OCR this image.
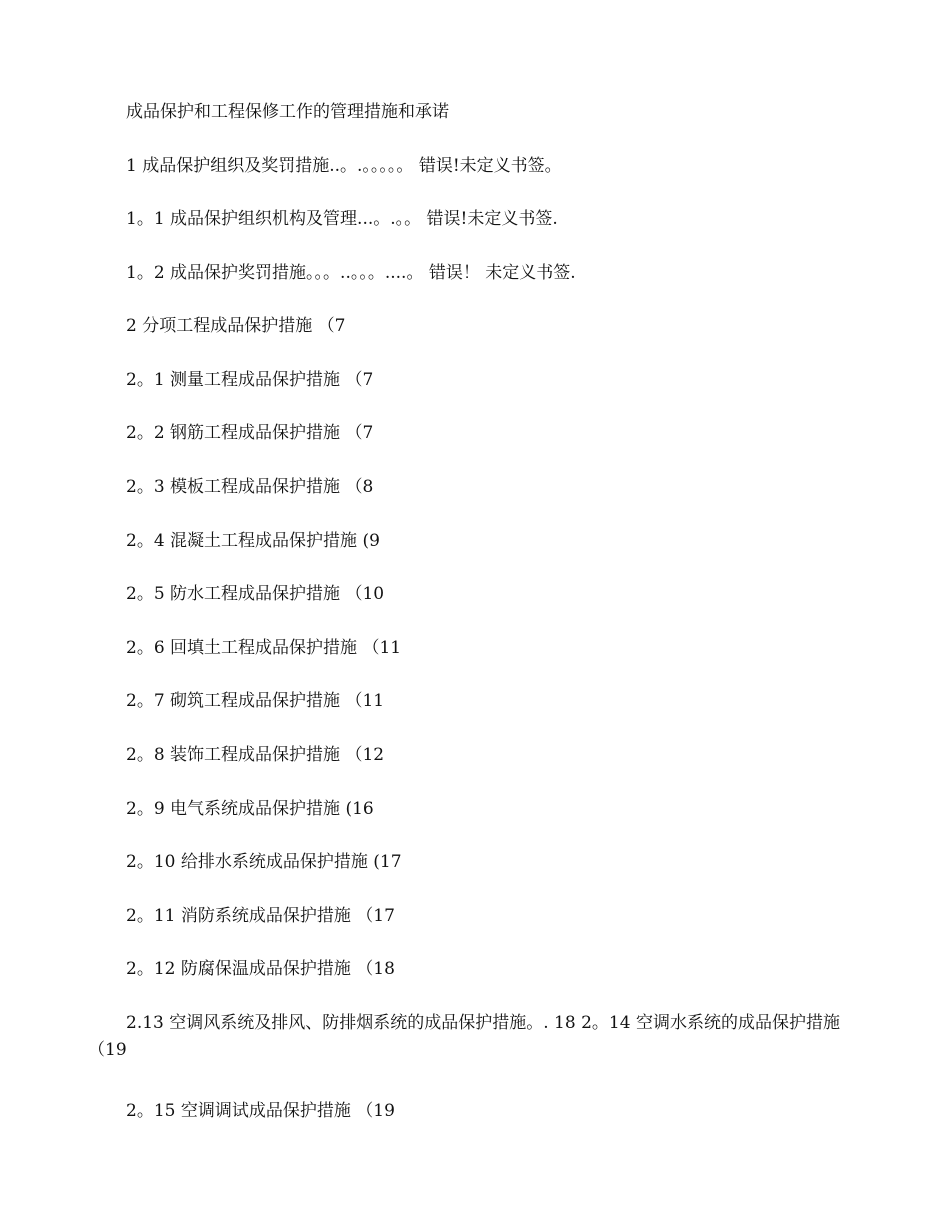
成品保护和工程保修工作的管理措施和承诺
1 成品保护组织及奖罚措施..。.。。。。。 错误!未定义书签。
1。1 成品保护组织机构及管理...。.。。 错误!未定义书签.
1。2 成品保护奖罚措施。。。..。。。....。 错误！ 未定义书签.
2 分项工程成品保护措施 （7
2。1 测量工程成品保护措施 （7
2。2 钢筋工程成品保护措施 （7
2。3 模板工程成品保护措施 （8
2。4 混凝土工程成品保护措施 (9
2。5 防水工程成品保护措施 （10
2。6 回填土工程成品保护措施 （11
2。7 砌筑工程成品保护措施 （11
2。8 装饰工程成品保护措施 （12
2。9 电气系统成品保护措施 (16
2。10 给排水系统成品保护措施 (17
2。11 消防系统成品保护措施 （17
2。12 防腐保温成品保护措施 （18
2.13 空调风系统及排风、防排烟系统的成品保护措施。. 18 2。14 空调水系统的成品保护措施 （19
2。15 空调调试成品保护措施 （19
